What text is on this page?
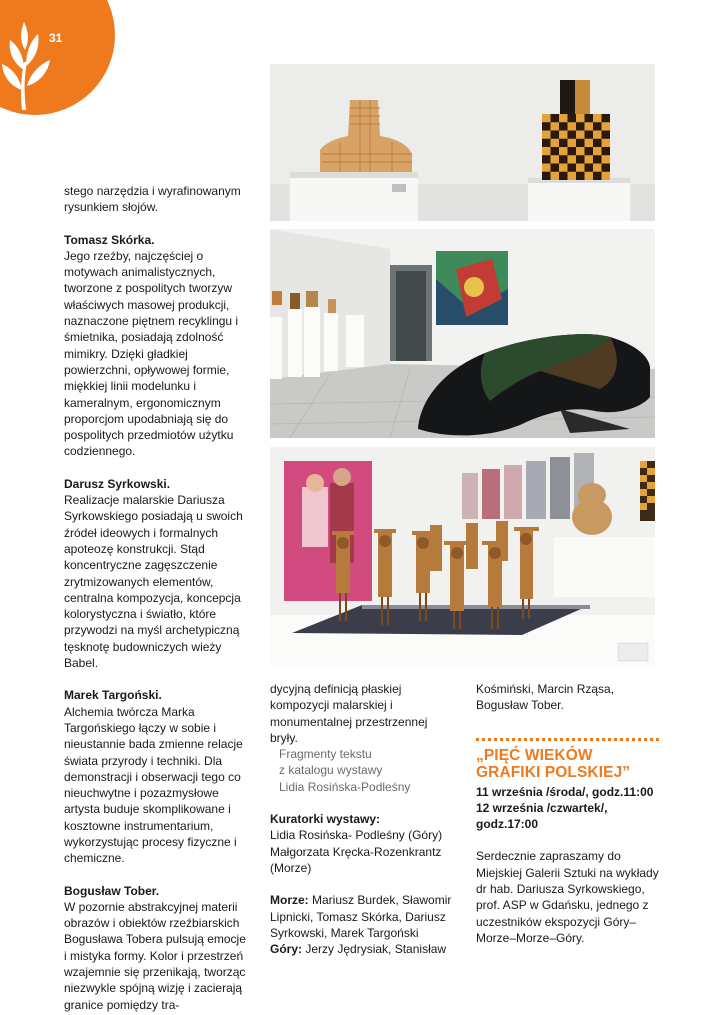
31

stego narzędzia i wyrafinowanym rysunkiem słojów.

Tomasz Skórka.

Jego rzeźby, najczęściej o motywach animalistycznych, tworzone z pospolitych tworzyw właściwych masowej produkcji, naznaczone piętnem recyklingu i śmietnika, posiadają zdolność mimikry. Dzięki gładkiej powierzchni, opływowej formie, miękkiej linii modelunku i kameralnym, ergonomicznym proporcjom upodabniają się do pospolitych przedmiotów użytku codziennego.

Darusz Syrkowski.

Realizacje malarskie Dariusza Syrkowskiego posiadają u swoich źródeł ideowych i formalnych apoteozę konstrukcji. Stąd koncentryczne zagęszczenie zrytmizowanych elementów, centralna kompozycja, koncepcja kolorystyczna i światło, które przywodzi na myśl archetypiczną tęsknotę budowniczych wieży Babel.

Marek Targoński.

Alchemia twórcza Marka Targońskiego łączy w sobie i nieustannie bada zmienne relacje świata przyrody i techniki. Dla demonstracji i obserwacji tego co nieuchwytne i pozazmysłowe artysta buduje skomplikowane i kosztowne instrumentarium, wykorzystując procesy fizyczne i chemiczne.

Bogusław Tober.

W pozornie abstrakcyjnej materii obrazów i obiektów rzeźbiarskich Bogusława Tobera pulsują emocje i mistyka formy. Kolor i przestrzeń wzajemnie się przenikają, tworząc niezwykle spójną wizję i zacierają granice pomiędzy tra-

dycyjną definicją płaskiej kompozycji malarskiej i monumentalnej przestrzennej bryły.

Fragmenty tekstu

z katalogu wystawy

Lidia Rosińska-Podleśny

Kuratorki wystawy:

Lidia Rosińska- Podleśny (Góry)

Małgorzata Kręcka-Rozenkrantz (Morze)

Morze: Mariusz Burdek, Sławomir Lipnicki, Tomasz Skórka, Dariusz Syrkowski, Marek Targoński

Góry: Jerzy Jędrysiak, Stanisław

Kośmiński, Marcin Rząsa, Bogusław Tober.

„PIĘĆ WIEKÓW

GRAFIKI POLSKIEJ”

11 września /środa/, godz.11:00

12 września /czwartek/, godz.17:00

Serdecznie zapraszamy do Miejskiej Galerii Sztuki na wykłady dr hab. Dariusza Syrkowskiego, prof. ASP w Gdańsku, jednego z uczestników ekspozycji Góry–Morze–Morze–Góry.
